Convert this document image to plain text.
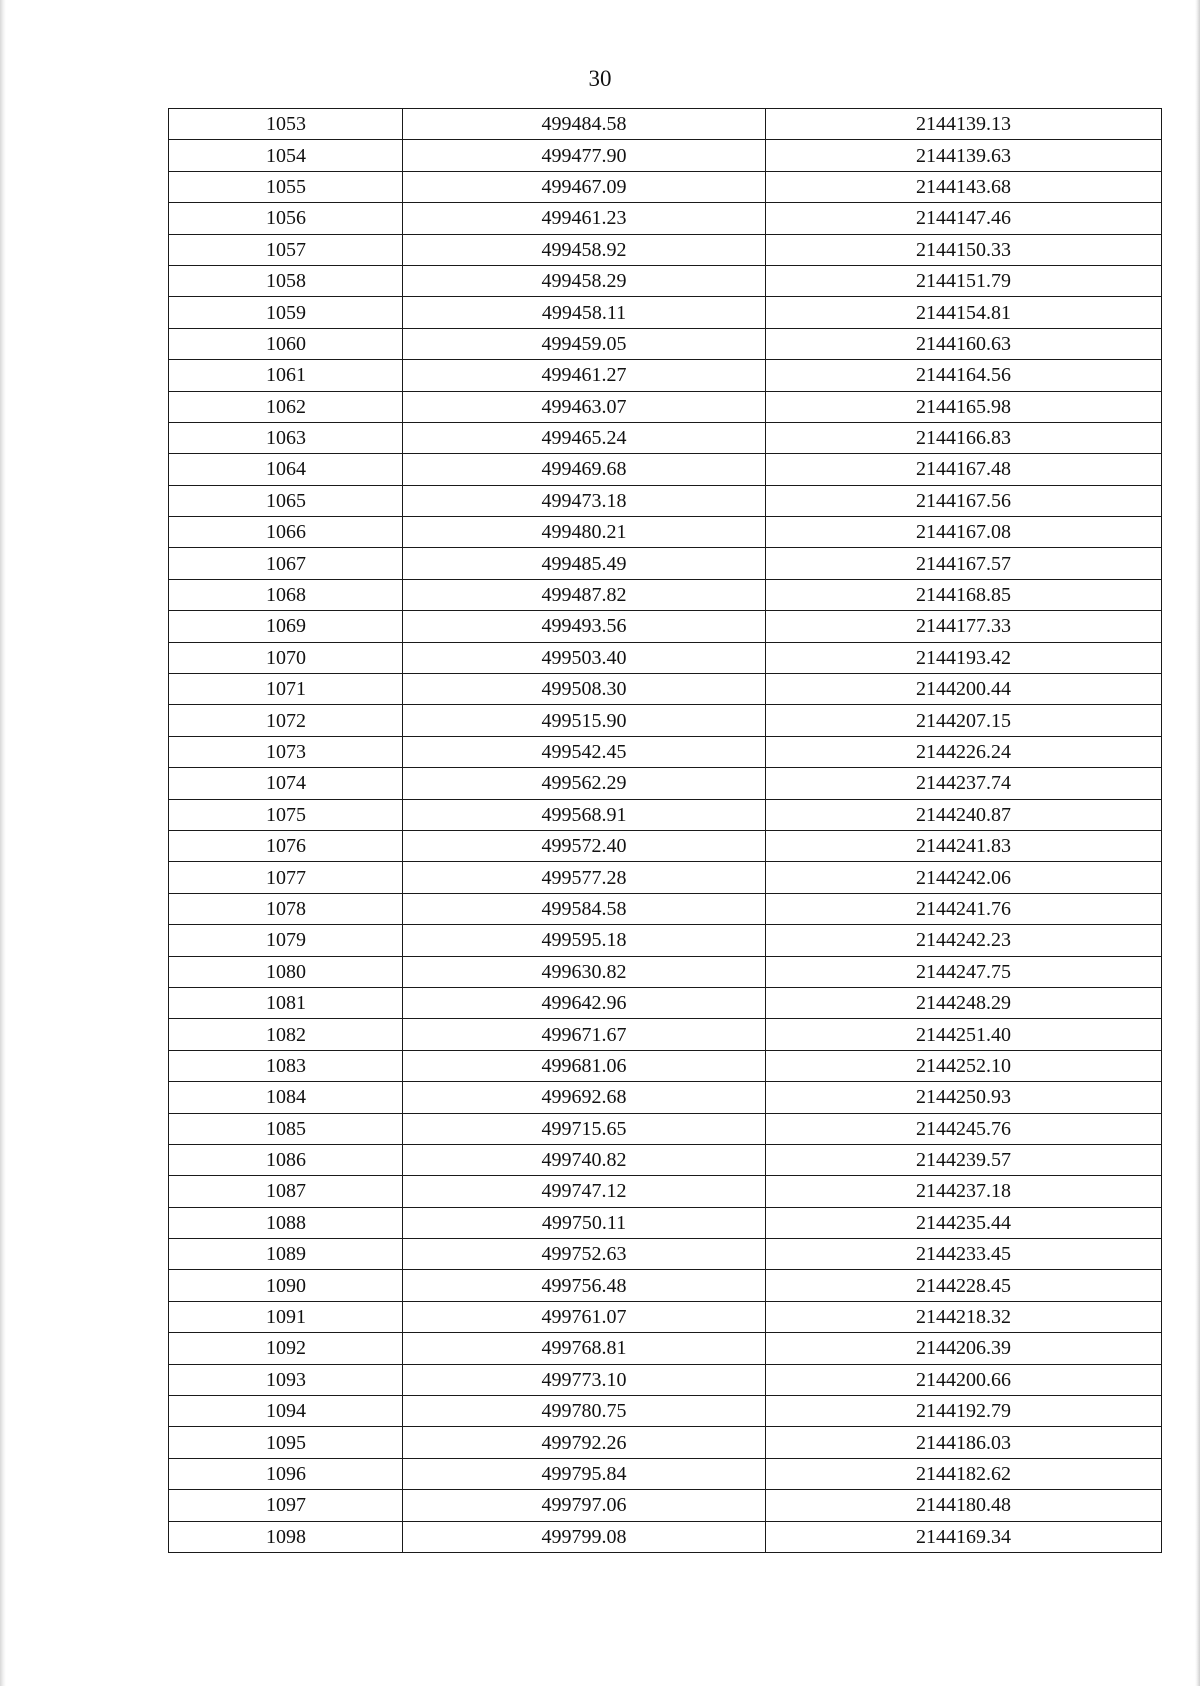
30
1053	499484.58	2144139.13
1054	499477.90	2144139.63
1055	499467.09	2144143.68
1056	499461.23	2144147.46
1057	499458.92	2144150.33
1058	499458.29	2144151.79
1059	499458.11	2144154.81
1060	499459.05	2144160.63
1061	499461.27	2144164.56
1062	499463.07	2144165.98
1063	499465.24	2144166.83
1064	499469.68	2144167.48
1065	499473.18	2144167.56
1066	499480.21	2144167.08
1067	499485.49	2144167.57
1068	499487.82	2144168.85
1069	499493.56	2144177.33
1070	499503.40	2144193.42
1071	499508.30	2144200.44
1072	499515.90	2144207.15
1073	499542.45	2144226.24
1074	499562.29	2144237.74
1075	499568.91	2144240.87
1076	499572.40	2144241.83
1077	499577.28	2144242.06
1078	499584.58	2144241.76
1079	499595.18	2144242.23
1080	499630.82	2144247.75
1081	499642.96	2144248.29
1082	499671.67	2144251.40
1083	499681.06	2144252.10
1084	499692.68	2144250.93
1085	499715.65	2144245.76
1086	499740.82	2144239.57
1087	499747.12	2144237.18
1088	499750.11	2144235.44
1089	499752.63	2144233.45
1090	499756.48	2144228.45
1091	499761.07	2144218.32
1092	499768.81	2144206.39
1093	499773.10	2144200.66
1094	499780.75	2144192.79
1095	499792.26	2144186.03
1096	499795.84	2144182.62
1097	499797.06	2144180.48
1098	499799.08	2144169.34
